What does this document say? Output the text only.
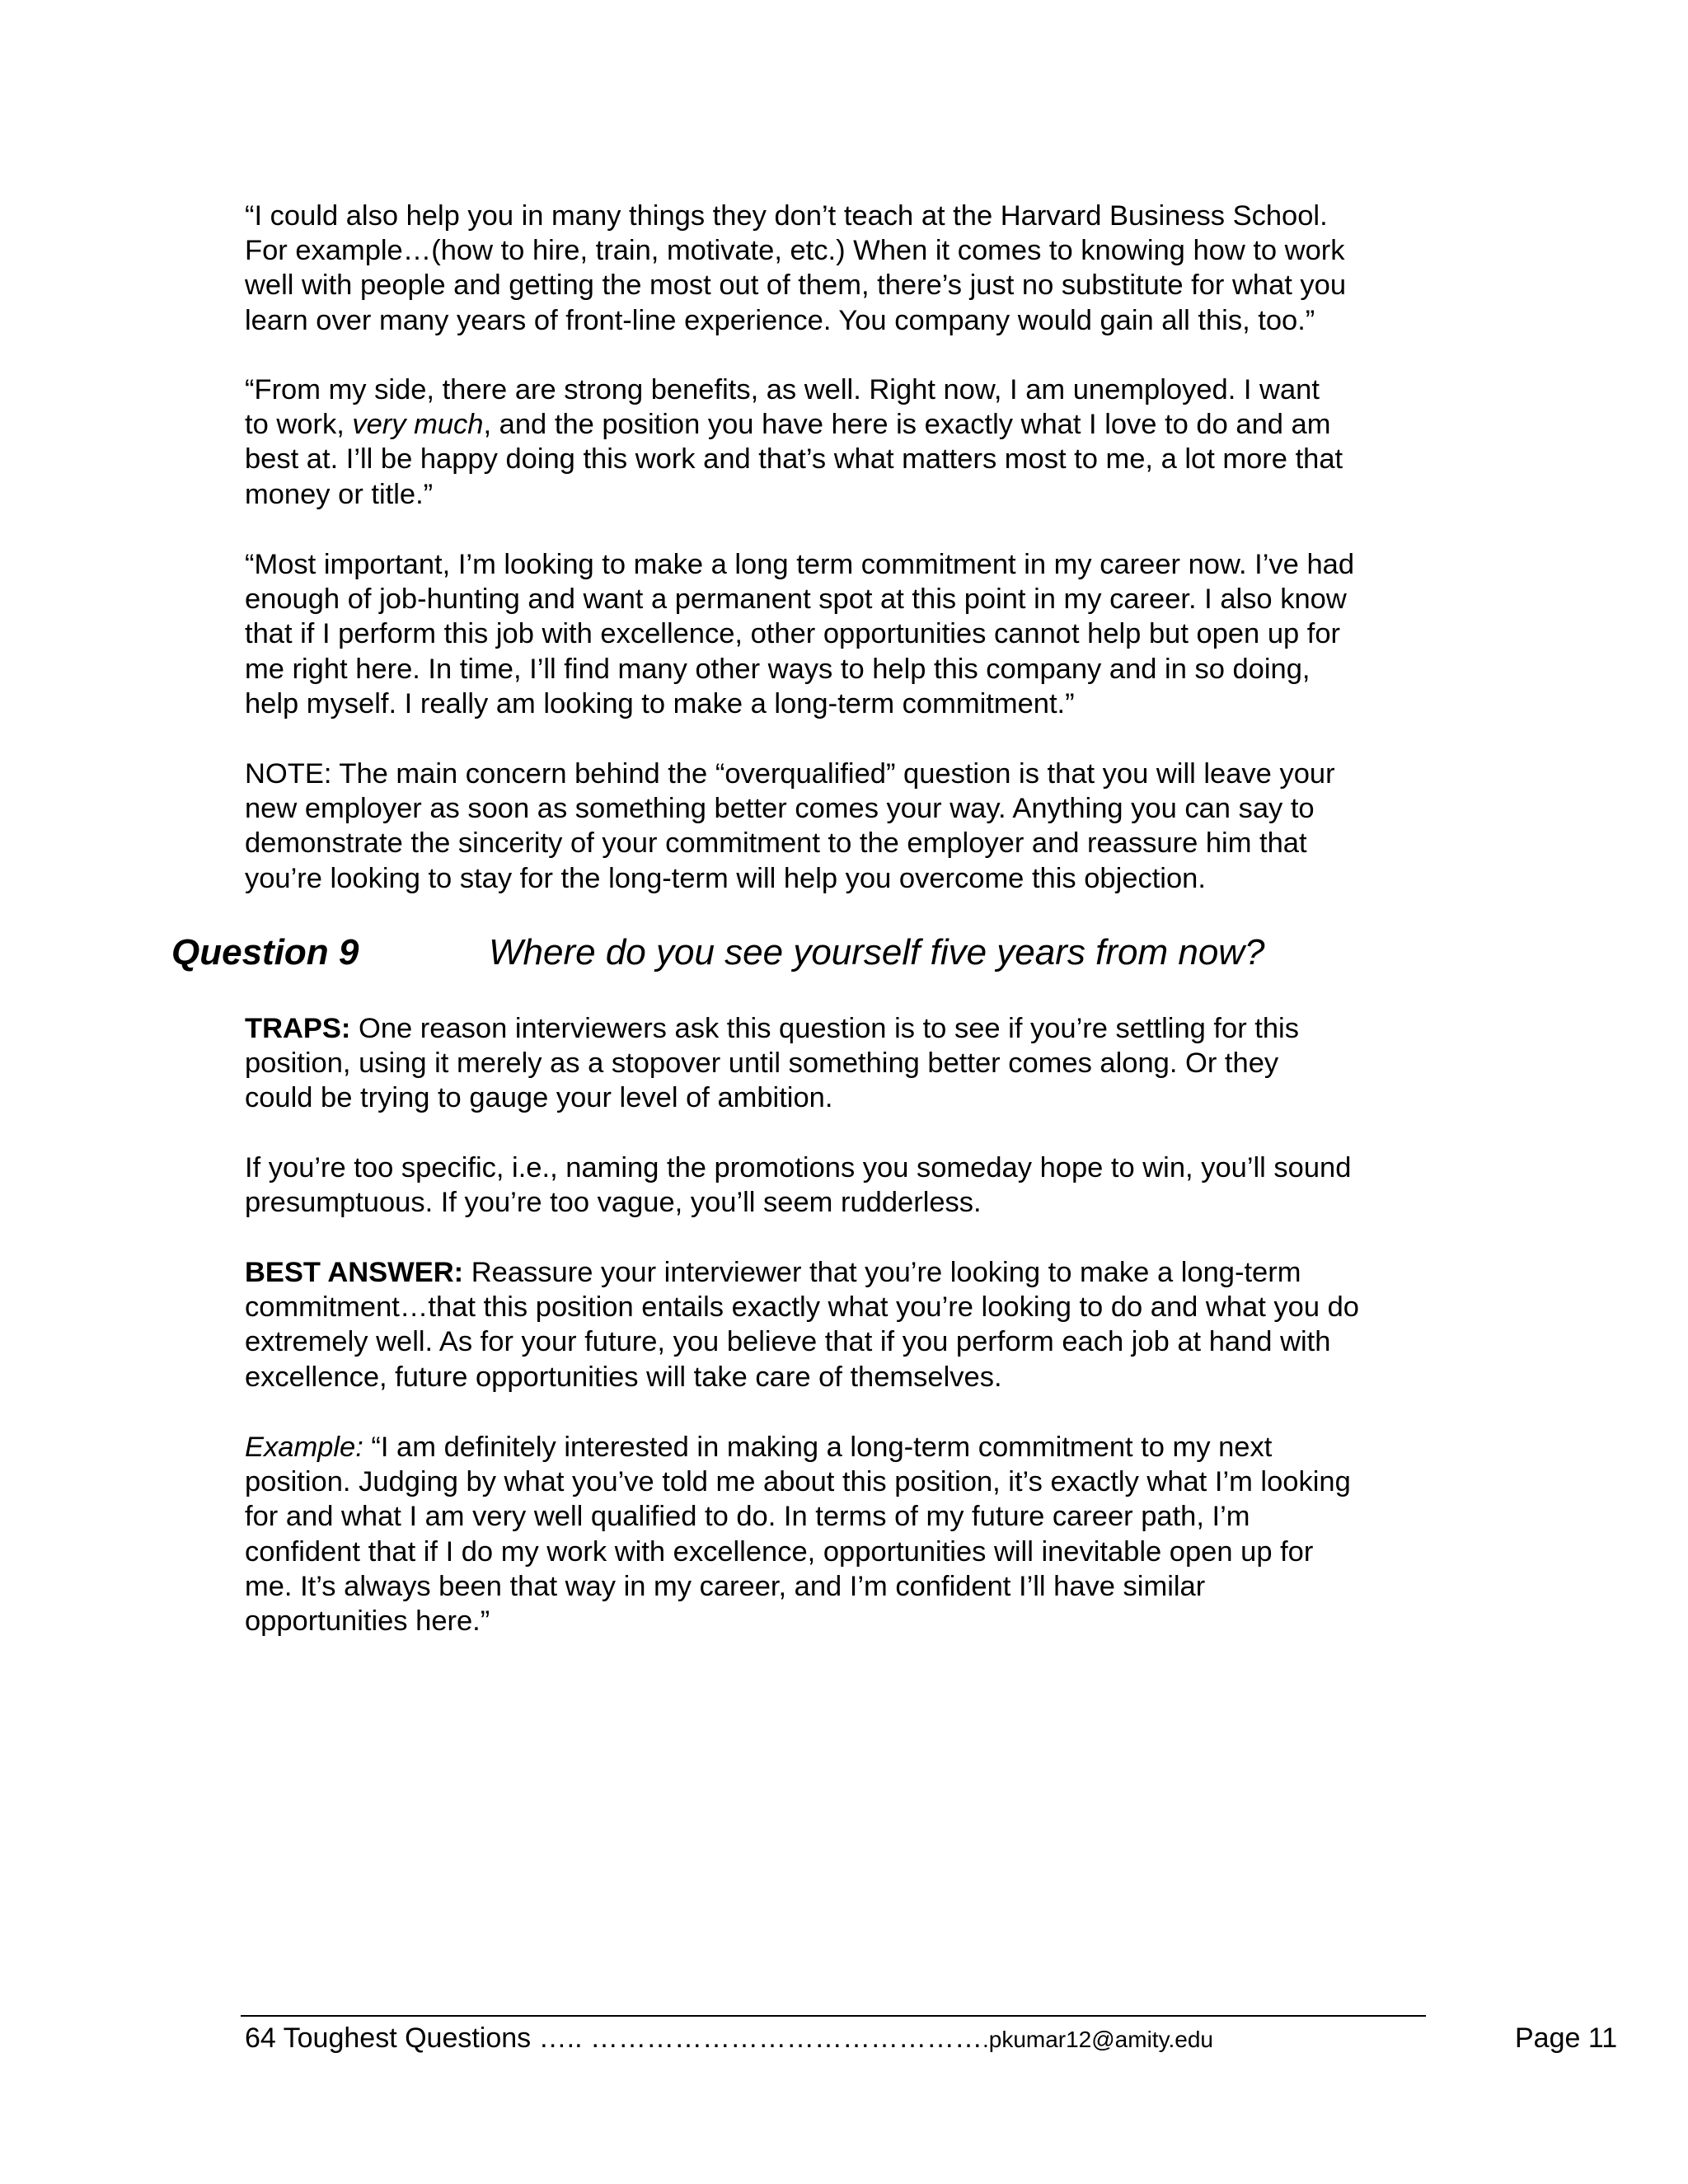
“I could also help you in many things they don’t teach at the Harvard Business School.
For example…(how to hire, train, motivate, etc.) When it comes to knowing how to work
well with people and getting the most out of them, there’s just no substitute for what you
learn over many years of front-line experience. You company would gain all this, too.”

“From my side, there are strong benefits, as well. Right now, I am unemployed. I want
to work, very much, and the position you have here is exactly what I love to do and am
best at. I’ll be happy doing this work and that’s what matters most to me, a lot more that
money or title.”

“Most important, I’m looking to make a long term commitment in my career now. I’ve had
enough of job-hunting and want a permanent spot at this point in my career. I also know
that if I perform this job with excellence, other opportunities cannot help but open up for
me right here. In time, I’ll find many other ways to help this company and in so doing,
help myself. I really am looking to make a long-term commitment.”

NOTE: The main concern behind the “overqualified” question is that you will leave your
new employer as soon as something better comes your way. Anything you can say to
demonstrate the sincerity of your commitment to the employer and reassure him that
you’re looking to stay for the long-term will help you overcome this objection.

Question 9	Where do you see yourself five years from now?

TRAPS: One reason interviewers ask this question is to see if you’re settling for this
position, using it merely as a stopover until something better comes along. Or they
could be trying to gauge your level of ambition.

If you’re too specific, i.e., naming the promotions you someday hope to win, you’ll sound
presumptuous. If you’re too vague, you’ll seem rudderless.

BEST ANSWER: Reassure your interviewer that you’re looking to make a long-term
commitment…that this position entails exactly what you’re looking to do and what you do
extremely well. As for your future, you believe that if you perform each job at hand with
excellence, future opportunities will take care of themselves.

Example: “I am definitely interested in making a long-term commitment to my next
position. Judging by what you’ve told me about this position, it’s exactly what I’m looking
for and what I am very well qualified to do. In terms of my future career path, I’m
confident that if I do my work with excellence, opportunities will inevitable open up for
me. It’s always been that way in my career, and I’m confident I’ll have similar
opportunities here.”

64 Toughest Questions ….. …………………………………….pkumar12@amity.edu	Page 11
